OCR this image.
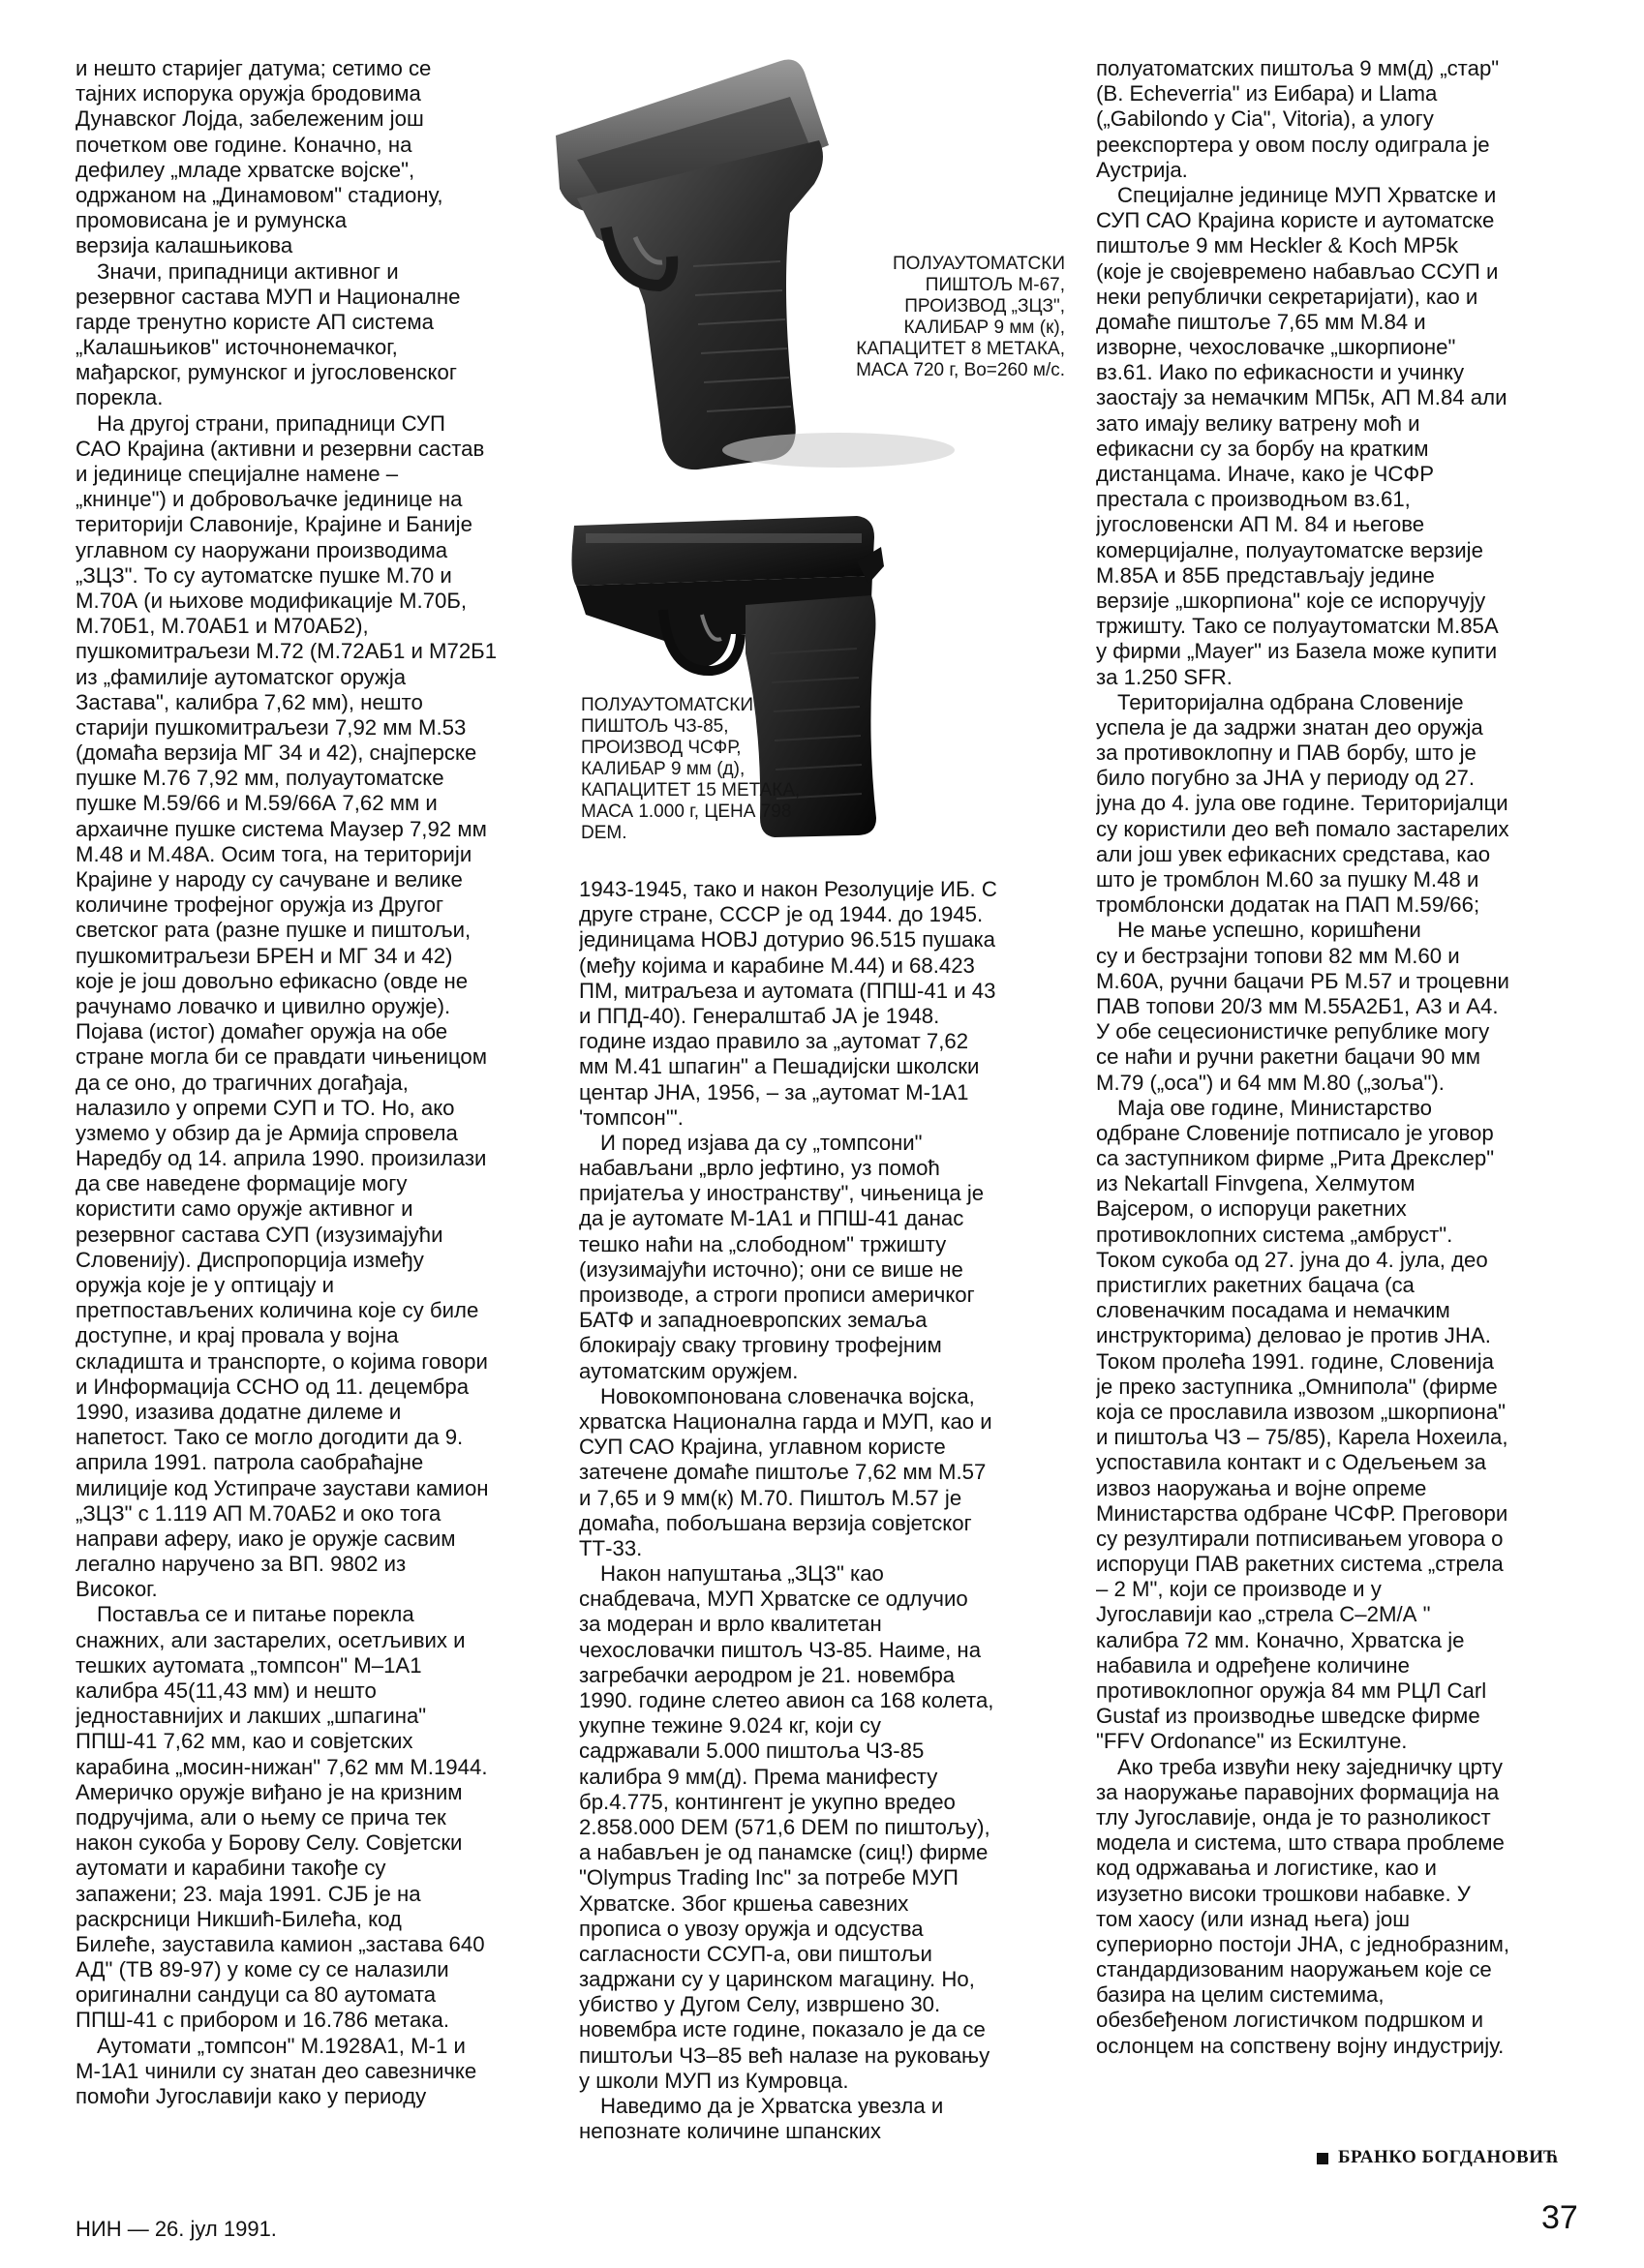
ПОЛУАУТОМАТСКИ
ПИШТОЉ М-67,
ПРОИЗВОД „ЗЦЗ",
КАЛИБАР 9 мм (к),
КАПАЦИТЕТ 8 МЕТАКА,
МАСА 720 г, Во=260 м/с.
ПОЛУАУТОМАТСКИ
ПИШТОЉ ЧЗ-85,
ПРОИЗВОД ЧСФР,
КАЛИБАР 9 мм (д),
КАПАЦИТЕТ 15 МЕТАКА,
МАСА 1.000 г, ЦЕНА 798
DEM.
и нешто старијег датума; сетимо се
тајних испорука оружја бродовима
Дунавског Лојда, забележеним још
почетком ове године. Коначно, на
дефилеу „младе хрватске војске",
одржаном на „Динамовом" стадиону,
промовисана је и румунска
верзија калашњикова
Значи, припадници активног и
резервног састава МУП и Националне
гарде тренутно користе АП система
„Калашњиков" источнонемачког,
мађарског, румунског и југословенског
порекла.
На другој страни, припадници СУП
САО Крајина (активни и резервни састав
и јединице специјалне намене –
„книнџе") и добровољачке јединице на
територији Славоније, Крајине и Баније
углавном су наоружани производима
„ЗЦЗ". То су аутоматске пушке М.70 и
М.70А (и њихове модификације М.70Б,
М.70Б1, М.70АБ1 и М70АБ2),
пушкомитраљези М.72 (М.72АБ1 и М72Б1
из „фамилије аутоматског оружја
Застава", калибра 7,62 мм), нешто
старији пушкомитраљези 7,92 мм М.53
(домаћа верзија МГ 34 и 42), снајперске
пушке М.76 7,92 мм, полуаутоматске
пушке М.59/66 и М.59/66А 7,62 мм и
архаичне пушке система Маузер 7,92 мм
М.48 и М.48А. Осим тога, на територији
Крајине у народу су сачуване и велике
количине трофејног оружја из Другог
светског рата (разне пушке и пиштољи,
пушкомитраљези БРЕН и МГ 34 и 42)
које је још довољно ефикасно (овде не
рачунамо ловачко и цивилно оружје).
Појава (истог) домаћег оружја на обе
стране могла би се правдати чињеницом
да се оно, до трагичних догађаја,
налазило у опреми СУП и ТО. Но, ако
узмемо у обзир да је Армија спровела
Наредбу од 14. априла 1990. произилази
да све наведене формације могу
користити само оружје активног и
резервног састава СУП (изузимајући
Словенију). Диспропорција између
оружја које је у оптицају и
претпостављених количина које су биле
доступне, и крај провала у војна
складишта и транспорте, о којима говори
и Информација ССНО од 11. децембра
1990, изазива додатне дилеме и
напетост. Тако се могло догодити да 9.
априла 1991. патрола саобраћајне
милиције код Устипраче заустави камион
„ЗЦЗ" с 1.119 АП М.70АБ2 и око тога
направи аферу, иако је оружје сасвим
легално наручено за ВП. 9802 из
Високог.
Поставља се и питање порекла
снажних, али застарелих, осетљивих и
тешких аутомата „томпсон" М–1А1
калибра 45(11,43 мм) и нешто
једноставнијих и лакших „шпагина"
ППШ-41 7,62 мм, као и совјетских
карабина „мосин-нижан" 7,62 мм М.1944.
Америчко оружје виђано је на кризним
подручјима, али о њему се прича тек
након сукоба у Борову Селу. Совјетски
аутомати и карабини такође су
запажени; 23. маја 1991. СЈБ је на
раскрсници Никшић-Билећа, код
Билеће, зауставила камион „застава 640
АД" (ТВ 89-97) у коме су се налазили
оригинални сандуци са 80 аутомата
ППШ-41 с прибором и 16.786 метака.
Аутомати „томпсон" М.1928А1, М-1 и
М-1А1 чинили су знатан део савезничке
помоћи Југославији како у периоду
1943-1945, тако и након Резолуције ИБ. С
друге стране, СССР је од 1944. до 1945.
јединицама НОВЈ дотурио 96.515 пушака
(међу којима и карабине М.44) и 68.423
ПМ, митраљеза и аутомата (ППШ-41 и 43
и ППД-40). Генералштаб ЈА је 1948.
године издао правило за „аутомат 7,62
мм М.41 шпагин" а Пешадијски школски
центар ЈНА, 1956, – за „аутомат М-1А1
'томпсон'".
И поред изјава да су „томпсони"
набављани „врло јефтино, уз помоћ
пријатеља у иностранству", чињеница је
да је аутомате М-1А1 и ППШ-41 данас
тешко наћи на „слободном" тржишту
(изузимајући источно); они се више не
производе, а строги прописи америчког
БАТФ и западноевропских земаља
блокирају сваку трговину трофејним
аутоматским оружјем.
Новокомпонована словеначка војска,
хрватска Национална гарда и МУП, као и
СУП САО Крајина, углавном користе
затечене домаће пиштоље 7,62 мм М.57
и 7,65 и 9 мм(к) М.70. Пиштољ М.57 је
домаћа, побољшана верзија совјетског
ТТ-33.
Након напуштања „ЗЦЗ" као
снабдевача, МУП Хрватске се одлучио
за модеран и врло квалитетан
чехословачки пиштољ ЧЗ-85. Наиме, на
загребачки аеродром је 21. новембра
1990. године слетео авион са 168 колета,
укупне тежине 9.024 кг, који су
садржавали 5.000 пиштоља ЧЗ-85
калибра 9 мм(д). Према манифесту
бр.4.775, контингент је укупно вредео
2.858.000 DEM (571,6 DEM по пиштољу),
а набављен је од панамске (сиц!) фирме
"Olympus Trading Inc" за потребе МУП
Хрватске. Због кршења савезних
прописа о увозу оружја и одсуства
сагласности ССУП-а, ови пиштољи
задржани су у царинском магацину. Но,
убиство у Дугом Селу, извршено 30.
новембра исте године, показало је да се
пиштољи ЧЗ–85 већ налазе на руковању
у школи МУП из Кумровца.
Наведимо да је Хрватска увезла и
непознате количине шпанских
полуатоматских пиштоља 9 мм(д) „стар"
(B. Echeverria" из Еибара) и Llama
(„Gabilondo y Cia", Vitoria), а улогу
реекспортера у овом послу одиграла је
Аустрија.
Специјалне јединице МУП Хрватске и
СУП САО Крајина користе и аутоматске
пиштоље 9 мм Heckler & Koch MP5k
(које је својевремено набављао ССУП и
неки републички секретаријати), као и
домаће пиштоље 7,65 мм М.84 и
изворне, чехословачке „шкорпионе"
вз.61. Иако по ефикасности и учинку
заостају за немачким МП5к, АП М.84 али
зато имају велику ватрену моћ и
ефикасни су за борбу на кратким
дистанцама. Иначе, како је ЧСФР
престала с производњом вз.61,
југословенски АП М. 84 и његове
комерцијалне, полуаутоматске верзије
М.85А и 85Б представљају једине
верзије „шкорпиона" које се испоручују
тржишту. Тако се полуаутоматски М.85А
у фирми „Mayer" из Базела може купити
за 1.250 SFR.
Територијална одбрана Словеније
успела је да задржи знатан део оружја
за противоклопну и ПАВ борбу, што је
било погубно за ЈНА у периоду од 27.
јуна до 4. јула ове године. Територијалци
су користили део већ помало застарелих
али још увек ефикасних средстава, као
што је тромблон М.60 за пушку М.48 и
тромблонски додатак на ПАП М.59/66;
Не мање успешно, коришћени
су и бестрзајни топови 82 мм М.60 и
М.60А, ручни бацачи РБ М.57 и троцевни
ПАВ топови 20/3 мм М.55А2Б1, А3 и А4.
У обе сецесионистичке републике могу
се наћи и ручни ракетни бацачи 90 мм
М.79 („оса") и 64 мм М.80 („зоља").
Маја ове године, Министарство
одбране Словеније потписало је уговор
са заступником фирме „Рита Дрекслер"
из Nekartall Finvgena, Хелмутом
Вајсером, о испоруци ракетних
противоклопних система „амбруст".
Током сукоба од 27. јуна до 4. јула, део
пристиглих ракетних бацача (са
словеначким посадама и немачким
инструкторима) деловао је против ЈНА.
Током пролећа 1991. године, Словенија
је преко заступника „Омнипола" (фирме
која се прославила извозом „шкорпиона"
и пиштоља ЧЗ – 75/85), Карела Нохеила,
успоставила контакт и с Одељењем за
извоз наоружања и војне опреме
Министарства одбране ЧСФР. Преговори
су резултирали потписивањем уговора о
испоруци ПАВ ракетних система „стрела
– 2 М", који се производе и у
Југославији као „стрела С–2М/А "
калибра 72 мм. Коначно, Хрватска је
набавила и одређене количине
противоклопног оружја 84 мм РЦЛ Carl
Gustaf из производње шведске фирме
"FFV Ordonance" из Ескилтуне.
Ако треба извући неку заједничку црту
за наоружање паравојних формација на
тлу Југославије, онда је то разноликост
модела и система, што ствара проблеме
код одржавања и логистике, као и
изузетно високи трошкови набавке. У
том хаосу (или изнад њега) још
супериорно постоји ЈНА, с једнобразним,
стандардизованим наоружањем које се
базира на целим системима,
обезбеђеном логистичком подршком и
ослонцем на сопствену војну индустрију.
БРАНКО БОГДАНОВИЋ
НИН — 26. јул 1991.	37
